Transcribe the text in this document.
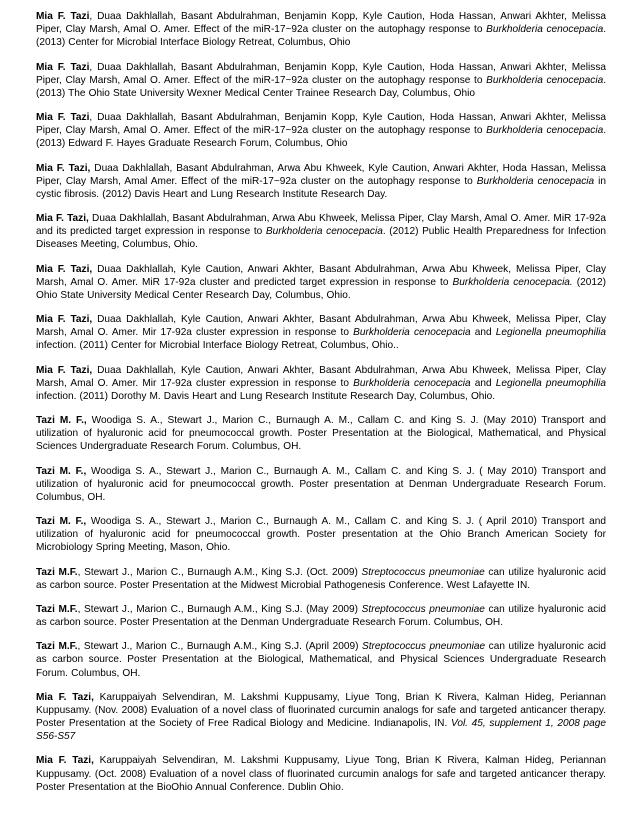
Mia F. Tazi, Duaa Dakhlallah, Basant Abdulrahman, Benjamin Kopp, Kyle Caution, Hoda Hassan, Anwari Akhter, Melissa Piper, Clay Marsh, Amal O. Amer. Effect of the miR-17~92a cluster on the autophagy response to Burkholderia cenocepacia. (2013) Center for Microbial Interface Biology Retreat, Columbus, Ohio

Mia F. Tazi, Duaa Dakhlallah, Basant Abdulrahman, Benjamin Kopp, Kyle Caution, Hoda Hassan, Anwari Akhter, Melissa Piper, Clay Marsh, Amal O. Amer. Effect of the miR-17~92a cluster on the autophagy response to Burkholderia cenocepacia. (2013) The Ohio State University Wexner Medical Center Trainee Research Day, Columbus, Ohio

Mia F. Tazi, Duaa Dakhlallah, Basant Abdulrahman, Benjamin Kopp, Kyle Caution, Hoda Hassan, Anwari Akhter, Melissa Piper, Clay Marsh, Amal O. Amer. Effect of the miR-17~92a cluster on the autophagy response to Burkholderia cenocepacia. (2013) Edward F. Hayes Graduate Research Forum, Columbus, Ohio

Mia F. Tazi, Duaa Dakhlallah, Basant Abdulrahman, Arwa Abu Khweek, Kyle Caution, Anwari Akhter, Hoda Hassan, Melissa Piper, Clay Marsh, Amal Amer. Effect of the miR-17~92a cluster on the autophagy response to Burkholderia cenocepacia in cystic fibrosis. (2012) Davis Heart and Lung Research Institute Research Day.

Mia F. Tazi, Duaa Dakhlallah, Basant Abdulrahman, Arwa Abu Khweek, Melissa Piper, Clay Marsh, Amal O. Amer. MiR 17-92a and its predicted target expression in response to Burkholderia cenocepacia. (2012) Public Health Preparedness for Infection Diseases Meeting, Columbus, Ohio.

Mia F. Tazi, Duaa Dakhlallah, Kyle Caution, Anwari Akhter, Basant Abdulrahman, Arwa Abu Khweek, Melissa Piper, Clay Marsh, Amal O. Amer. MiR 17-92a cluster and predicted target expression in response to Burkholderia cenocepacia. (2012) Ohio State University Medical Center Research Day, Columbus, Ohio.

Mia F. Tazi, Duaa Dakhlallah, Kyle Caution, Anwari Akhter, Basant Abdulrahman, Arwa Abu Khweek, Melissa Piper, Clay Marsh, Amal O. Amer. Mir 17-92a cluster expression in response to Burkholderia cenocepacia and Legionella pneumophilia infection. (2011) Center for Microbial Interface Biology Retreat, Columbus, Ohio..

Mia F. Tazi, Duaa Dakhlallah, Kyle Caution, Anwari Akhter, Basant Abdulrahman, Arwa Abu Khweek, Melissa Piper, Clay Marsh, Amal O. Amer. Mir 17-92a cluster expression in response to Burkholderia cenocepacia and Legionella pneumophilia infection. (2011) Dorothy M. Davis Heart and Lung Research Institute Research Day, Columbus, Ohio.

Tazi M. F., Woodiga S. A., Stewart J., Marion C., Burnaugh A. M., Callam C. and King S. J. (May 2010) Transport and utilization of hyaluronic acid for pneumococcal growth. Poster Presentation at the Biological, Mathematical, and Physical Sciences Undergraduate Research Forum. Columbus, OH.

Tazi M. F., Woodiga S. A., Stewart J., Marion C., Burnaugh A. M., Callam C. and King S. J. ( May 2010) Transport and utilization of hyaluronic acid for pneumococcal growth. Poster presentation at Denman Undergraduate Research Forum. Columbus, OH.

Tazi M. F., Woodiga S. A., Stewart J., Marion C., Burnaugh A. M., Callam C. and King S. J. ( April 2010) Transport and utilization of hyaluronic acid for pneumococcal growth. Poster presentation at the Ohio Branch American Society for Microbiology Spring Meeting, Mason, Ohio.

Tazi M.F., Stewart J., Marion C., Burnaugh A.M., King S.J. (Oct. 2009) Streptococcus pneumoniae can utilize hyaluronic acid as carbon source. Poster Presentation at the Midwest Microbial Pathogenesis Conference. West Lafayette IN.

Tazi M.F., Stewart J., Marion C., Burnaugh A.M., King S.J. (May 2009) Streptococcus pneumoniae can utilize hyaluronic acid as carbon source. Poster Presentation at the Denman Undergraduate Research Forum. Columbus, OH.

Tazi M.F., Stewart J., Marion C., Burnaugh A.M., King S.J. (April 2009) Streptococcus pneumoniae can utilize hyaluronic acid as carbon source. Poster Presentation at the Biological, Mathematical, and Physical Sciences Undergraduate Research Forum. Columbus, OH.

Mia F. Tazi, Karuppaiyah Selvendiran, M. Lakshmi Kuppusamy, Liyue Tong, Brian K Rivera, Kalman Hideg, Periannan Kuppusamy. (Nov. 2008) Evaluation of a novel class of fluorinated curcumin analogs for safe and targeted anticancer therapy. Poster Presentation at the Society of Free Radical Biology and Medicine. Indianapolis, IN. Vol. 45, supplement 1, 2008 page S56-S57

Mia F. Tazi, Karuppaiyah Selvendiran, M. Lakshmi Kuppusamy, Liyue Tong, Brian K Rivera, Kalman Hideg, Periannan Kuppusamy. (Oct. 2008) Evaluation of a novel class of fluorinated curcumin analogs for safe and targeted anticancer therapy. Poster Presentation at the BioOhio Annual Conference. Dublin Ohio.
